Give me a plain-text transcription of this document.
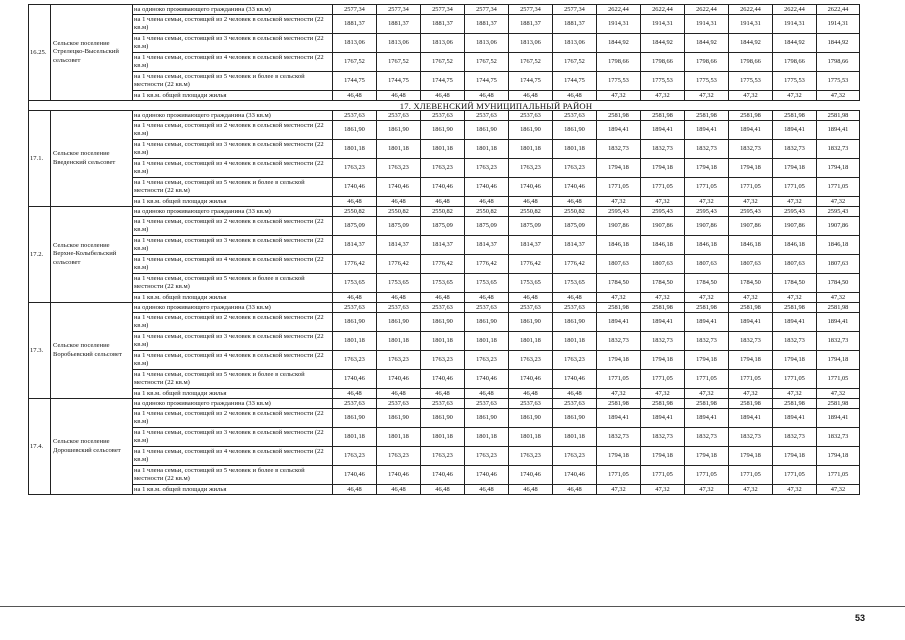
16.25.	Сельское поселение Стрелецко-Высельский сельсовет	на одиноко проживающего гражданина (33 кв.м)	2577,34	2577,34	2577,34	2577,34	2577,34	2577,34	2622,44	2622,44	2622,44	2622,44	2622,44	2622,44
		на 1 члена семьи, состоящей из 2 человек в сельской местности (22 кв.м)	1881,37	1881,37	1881,37	1881,37	1881,37	1881,37	1914,31	1914,31	1914,31	1914,31	1914,31	1914,31
		на 1 члена семьи, состоящей из 3 человек в сельской местности (22 кв.м)	1813,06	1813,06	1813,06	1813,06	1813,06	1813,06	1844,92	1844,92	1844,92	1844,92	1844,92	1844,92
		на 1 члена семьи, состоящей из 4 человек в сельской местности (22 кв.м)	1767,52	1767,52	1767,52	1767,52	1767,52	1767,52	1798,66	1798,66	1798,66	1798,66	1798,66	1798,66
		на 1 члена семьи, состоящей из 5 человек и более в сельской местности (22 кв.м)	1744,75	1744,75	1744,75	1744,75	1744,75	1744,75	1775,53	1775,53	1775,53	1775,53	1775,53	1775,53
		на 1 кв.м. общей площади жилья	46,48	46,48	46,48	46,48	46,48	46,48	47,32	47,32	47,32	47,32	47,32	47,32
		17. ХЛЕВЕНСКИЙ МУНИЦИПАЛЬНЫЙ РАЙОН												
17.1.	Сельское поселение Введенский сельсовет	на одиноко проживающего гражданина (33 кв.м)	2537,63	2537,63	2537,63	2537,63	2537,63	2537,63	2581,98	2581,98	2581,98	2581,98	2581,98	2581,98
		на 1 члена семьи, состоящей из 2 человек в сельской местности (22 кв.м)	1861,90	1861,90	1861,90	1861,90	1861,90	1861,90	1894,41	1894,41	1894,41	1894,41	1894,41	1894,41
		на 1 члена семьи, состоящей из 3 человек в сельской местности (22 кв.м)	1801,18	1801,18	1801,18	1801,18	1801,18	1801,18	1832,73	1832,73	1832,73	1832,73	1832,73	1832,73
		на 1 члена семьи, состоящей из 4 человек в сельской местности (22 кв.м)	1763,23	1763,23	1763,23	1763,23	1763,23	1763,23	1794,18	1794,18	1794,18	1794,18	1794,18	1794,18
		на 1 члена семьи, состоящей из 5 человек и более в сельской местности (22 кв.м)	1740,46	1740,46	1740,46	1740,46	1740,46	1740,46	1771,05	1771,05	1771,05	1771,05	1771,05	1771,05
		на 1 кв.м. общей площади жилья	46,48	46,48	46,48	46,48	46,48	46,48	47,32	47,32	47,32	47,32	47,32	47,32
17.2.	Сельское поселение Верхне-Колыбельский сельсовет	на одиноко проживающего гражданина (33 кв.м)	2550,82	2550,82	2550,82	2550,82	2550,82	2550,82	2595,43	2595,43	2595,43	2595,43	2595,43	2595,43
		на 1 члена семьи, состоящей из 2 человек в сельской местности (22 кв.м)	1875,09	1875,09	1875,09	1875,09	1875,09	1875,09	1907,86	1907,86	1907,86	1907,86	1907,86	1907,86
		на 1 члена семьи, состоящей из 3 человек в сельской местности (22 кв.м)	1814,37	1814,37	1814,37	1814,37	1814,37	1814,37	1846,18	1846,18	1846,18	1846,18	1846,18	1846,18
		на 1 члена семьи, состоящей из 4 человек в сельской местности (22 кв.м)	1776,42	1776,42	1776,42	1776,42	1776,42	1776,42	1807,63	1807,63	1807,63	1807,63	1807,63	1807,63
		на 1 члена семьи, состоящей из 5 человек и более в сельской местности (22 кв.м)	1753,65	1753,65	1753,65	1753,65	1753,65	1753,65	1784,50	1784,50	1784,50	1784,50	1784,50	1784,50
		на 1 кв.м. общей площади жилья	46,48	46,48	46,48	46,48	46,48	46,48	47,32	47,32	47,32	47,32	47,32	47,32
17.3.	Сельское поселение Воробьевский сельсовет	на одиноко проживающего гражданина (33 кв.м)	2537,63	2537,63	2537,63	2537,63	2537,63	2537,63	2581,98	2581,98	2581,98	2581,98	2581,98	2581,98
		на 1 члена семьи, состоящей из 2 человек в сельской местности (22 кв.м)	1861,90	1861,90	1861,90	1861,90	1861,90	1861,90	1894,41	1894,41	1894,41	1894,41	1894,41	1894,41
		на 1 члена семьи, состоящей из 3 человек в сельской местности (22 кв.м)	1801,18	1801,18	1801,18	1801,18	1801,18	1801,18	1832,73	1832,73	1832,73	1832,73	1832,73	1832,73
		на 1 члена семьи, состоящей из 4 человек в сельской местности (22 кв.м)	1763,23	1763,23	1763,23	1763,23	1763,23	1763,23	1794,18	1794,18	1794,18	1794,18	1794,18	1794,18
		на 1 члена семьи, состоящей из 5 человек и более в сельской местности (22 кв.м)	1740,46	1740,46	1740,46	1740,46	1740,46	1740,46	1771,05	1771,05	1771,05	1771,05	1771,05	1771,05
		на 1 кв.м. общей площади жилья	46,48	46,48	46,48	46,48	46,48	46,48	47,32	47,32	47,32	47,32	47,32	47,32
17.4.	Сельское поселение Дорошевский сельсовет	на одиноко проживающего гражданина (33 кв.м)	2537,63	2537,63	2537,63	2537,63	2537,63	2537,63	2581,98	2581,98	2581,98	2581,98	2581,98	2581,98
		на 1 члена семьи, состоящей из 2 человек в сельской местности (22 кв.м)	1861,90	1861,90	1861,90	1861,90	1861,90	1861,90	1894,41	1894,41	1894,41	1894,41	1894,41	1894,41
		на 1 члена семьи, состоящей из 3 человек в сельской местности (22 кв.м)	1801,18	1801,18	1801,18	1801,18	1801,18	1801,18	1832,73	1832,73	1832,73	1832,73	1832,73	1832,73
		на 1 члена семьи, состоящей из 4 человек в сельской местности (22 кв.м)	1763,23	1763,23	1763,23	1763,23	1763,23	1763,23	1794,18	1794,18	1794,18	1794,18	1794,18	1794,18
		на 1 члена семьи, состоящей из 5 человек и более в сельской местности (22 кв.м)	1740,46	1740,46	1740,46	1740,46	1740,46	1740,46	1771,05	1771,05	1771,05	1771,05	1771,05	1771,05
		на 1 кв.м. общей площади жилья	46,48	46,48	46,48	46,48	46,48	46,48	47,32	47,32	47,32	47,32	47,32	47,32
53
